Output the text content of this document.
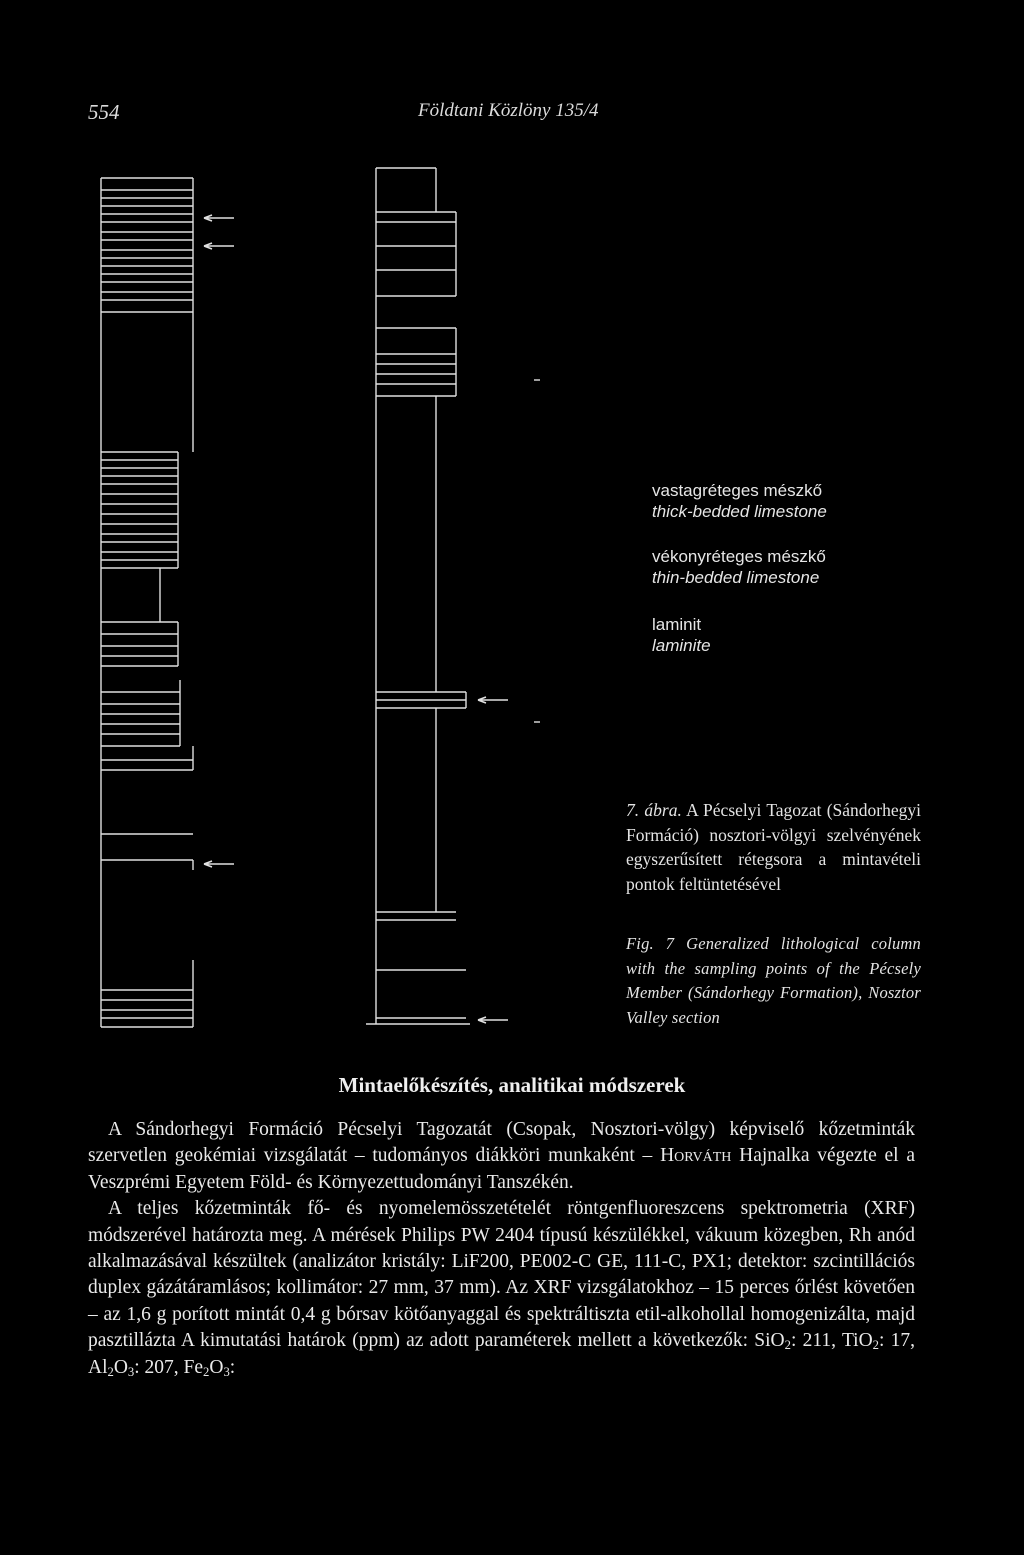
554	Földtani Közlöny 135/4
vastagréteges mészkő
thick-bedded limestone
vékonyréteges mészkő
thin-bedded limestone
laminit
laminite
7. ábra. A Pécselyi Tagozat (Sándorhegyi Formáció) nosztori-völgyi szelvényének egyszerűsített rétegsora a mintavételi pontok feltüntetésével
Fig. 7 Generalized lithological column with the sampling points of the Pécsely Member (Sándorhegy Formation), Nosztor Valley section
Mintaelőkészítés, analitikai módszerek

A Sándorhegyi Formáció Pécselyi Tagozatát (Csopak, Nosztori-völgy) képviselő kőzetminták szervetlen geokémiai vizsgálatát – tudományos diákköri munkaként – Horváth Hajnalka végezte el a Veszprémi Egyetem Föld- és Környezettudományi Tanszékén.

A teljes kőzetminták fő- és nyomelemösszetételét röntgenfluoreszcens spektrometria (XRF) módszerével határozta meg. A mérések Philips PW 2404 típusú készülékkel, vákuum közegben, Rh anód alkalmazásával készültek (analizátor kristály: LiF200, PE002-C GE, 111-C, PX1; detektor: szcintillációs duplex gázátáramlásos; kollimátor: 27 mm, 37 mm). Az XRF vizsgálatokhoz – 15 perces őrlést követően – az 1,6 g porított mintát 0,4 g bórsav kötőanyaggal és spektráltiszta etil-alkohollal homogenizálta, majd pasztillázta A kimutatási határok (ppm) az adott paraméterek mellett a következők: SiO$_2$: 211, TiO$_2$: 17, $Al_2O_3$: 207, $Fe_2O_3$:
